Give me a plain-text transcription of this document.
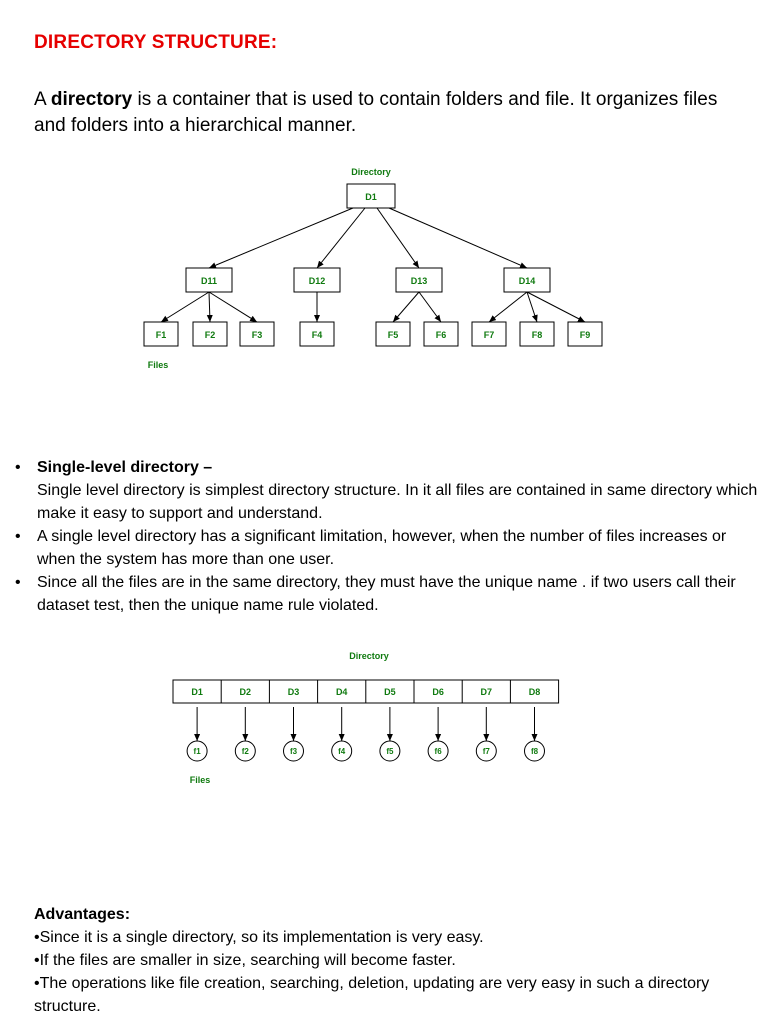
DIRECTORY STRUCTURE:

A directory is a container that is used to contain folders and file. It organizes files and folders into a hierarchical manner.

Directory
D1
D11	D12	D13	D14
F1	F2	F3	F4	F5	F6	F7	F8	F9
Files
• Single-level directory –
Single level directory is simplest directory structure. In it all files are contained in same directory which make it easy to support and understand.
• A single level directory has a significant limitation, however, when the number of files increases or when the system has more than one user.
• Since all the files are in the same directory, they must have the unique name . if two users call their dataset test, then the unique name rule violated.
Directory
D1
f1
D2
f2
D3
f3
D4
f4
D5
f5
D6
f6
D7
f7
D8
f8
Files
Advantages:
•Since it is a single directory, so its implementation is very easy.
•If the files are smaller in size, searching will become faster.
•The operations like file creation, searching, deletion, updating are very easy in such a directory structure.
